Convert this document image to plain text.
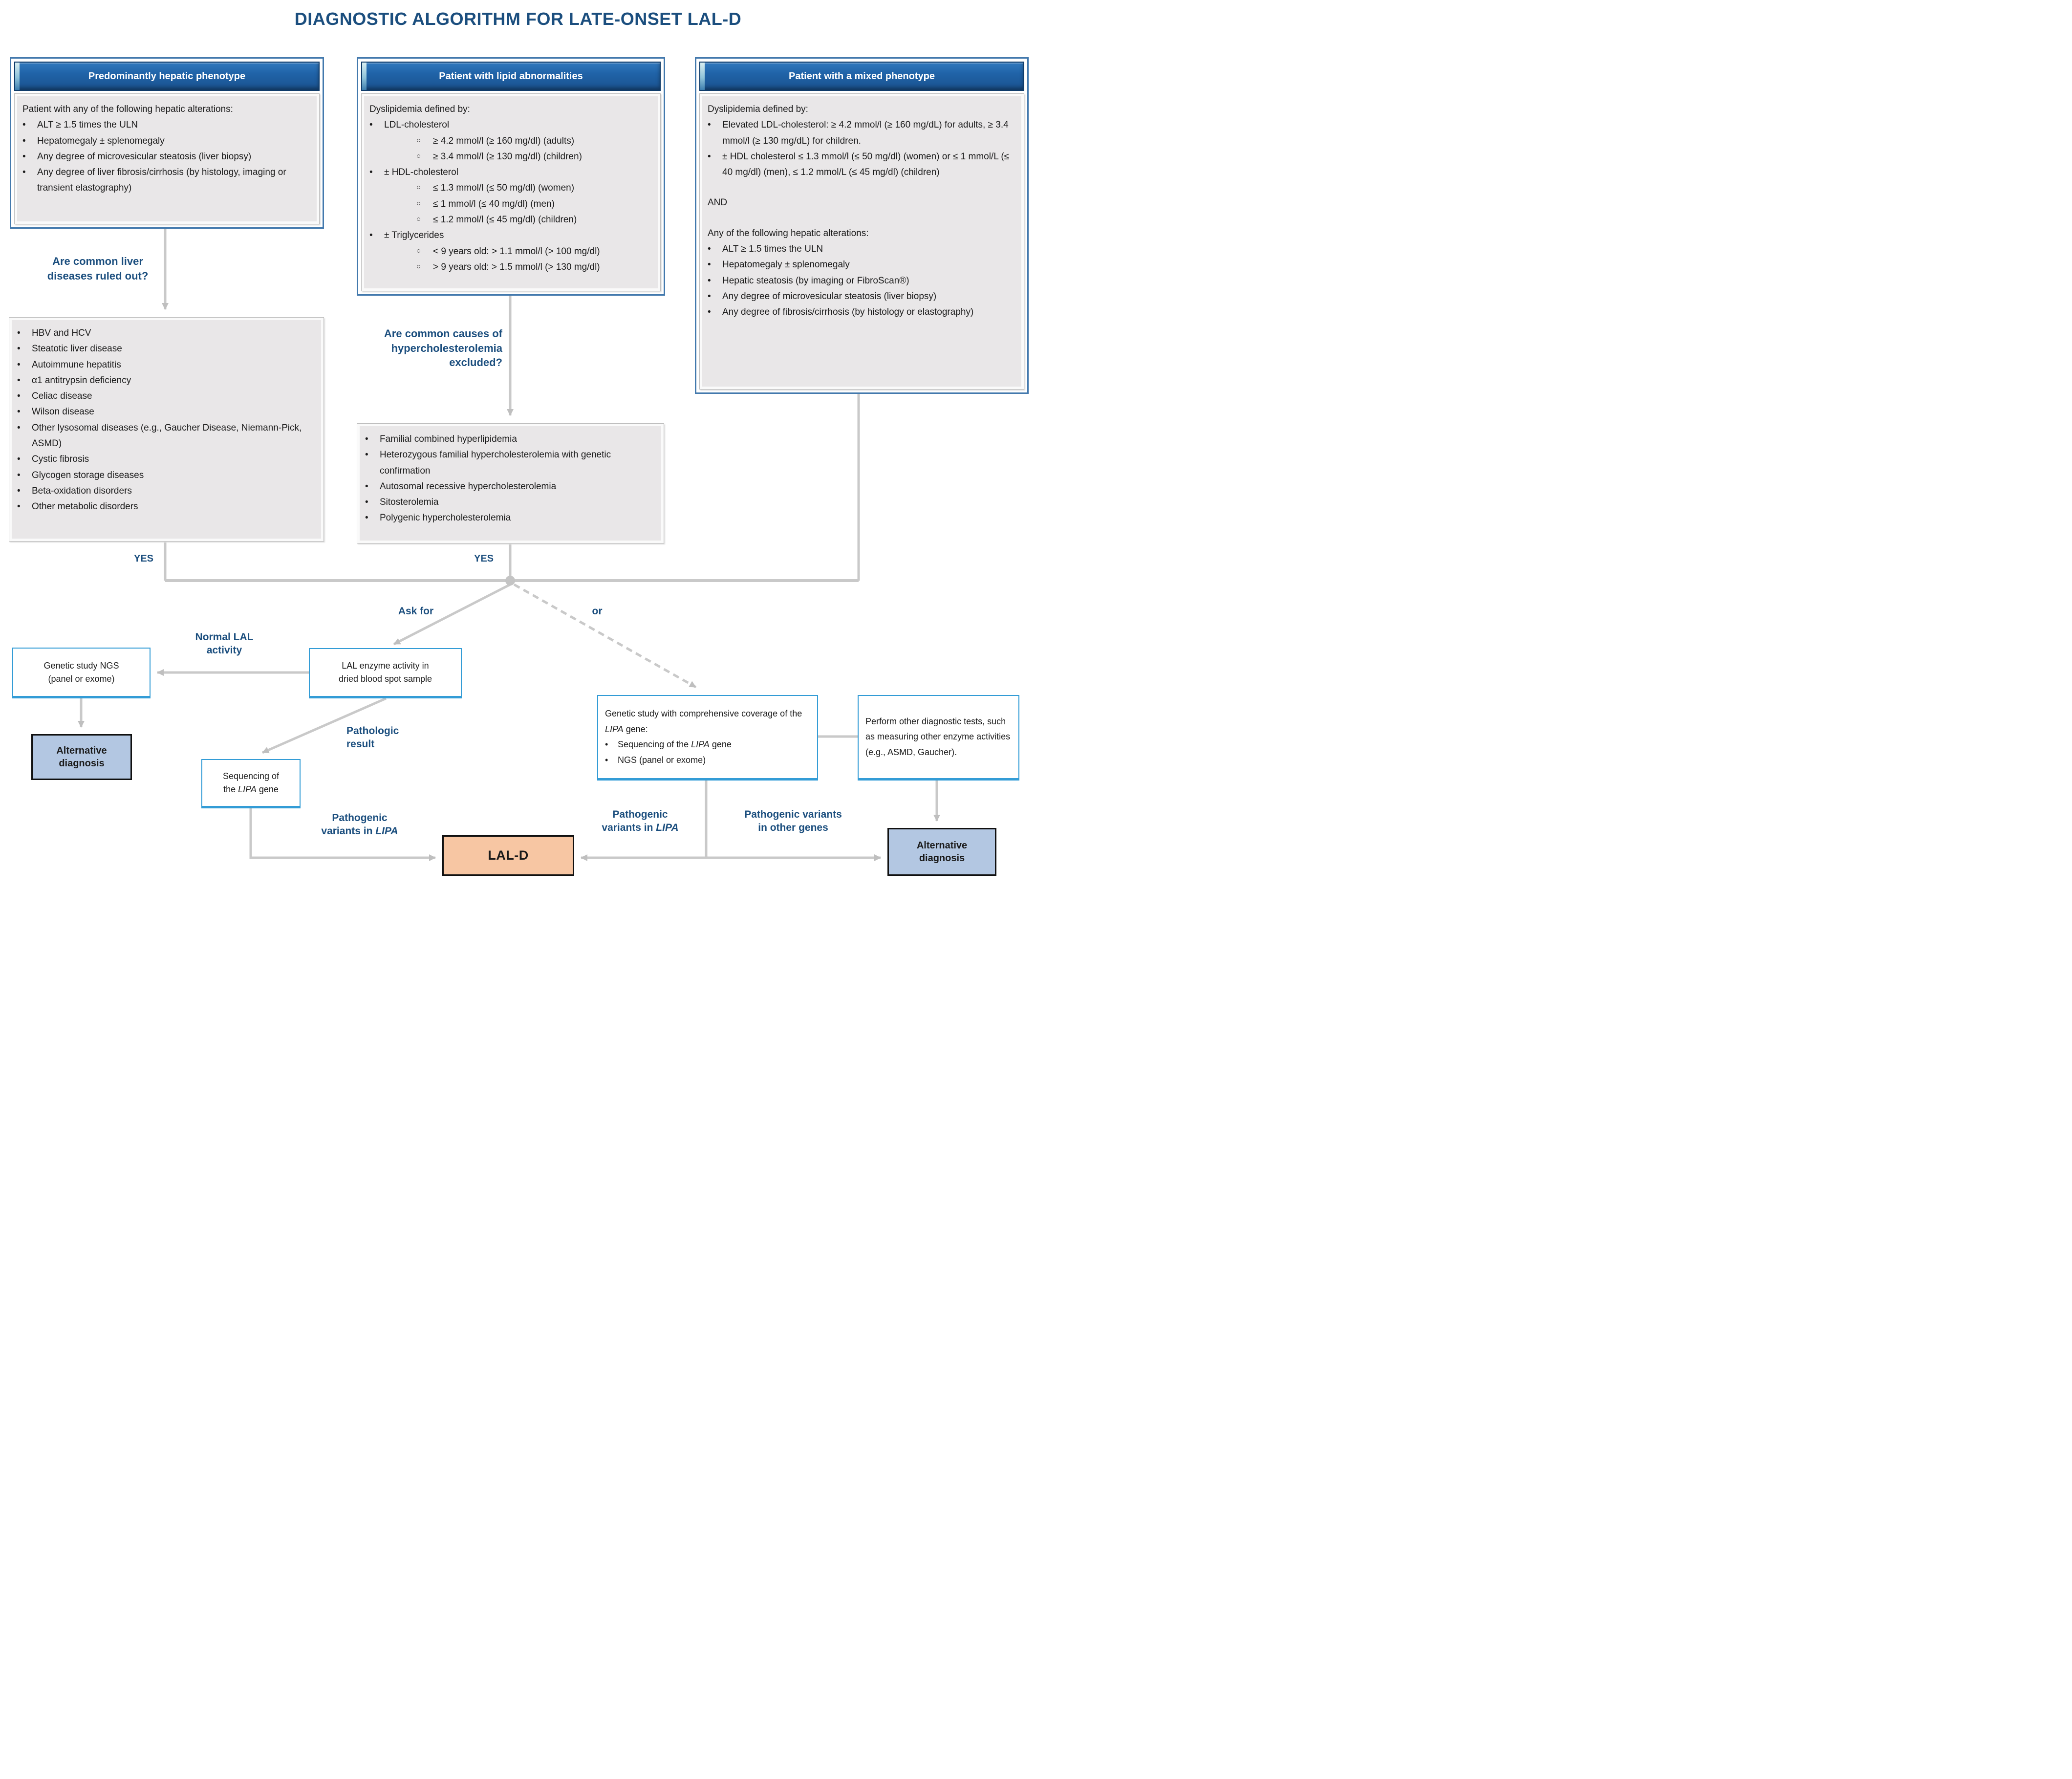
DIAGNOSTIC ALGORITHM FOR LATE-ONSET LAL-D
Predominantly hepatic phenotype
Patient with any of the following hepatic alterations:
•	ALT ≥ 1.5 times the ULN
•	Hepatomegaly ± splenomegaly
•	Any degree of microvesicular steatosis (liver biopsy)
•	Any degree of liver fibrosis/cirrhosis (by histology, imaging or transient elastography)
Patient with lipid abnormalities
Dyslipidemia defined by:
•	LDL-cholesterol
○	≥ 4.2 mmol/l (≥ 160 mg/dl) (adults)
○	≥ 3.4 mmol/l (≥ 130 mg/dl) (children)
•	± HDL-cholesterol
○	≤ 1.3 mmol/l (≤ 50 mg/dl) (women)
○	≤ 1 mmol/l (≤ 40 mg/dl) (men)
○	≤ 1.2 mmol/l (≤ 45 mg/dl) (children)
•	± Triglycerides
○	< 9 years old: > 1.1 mmol/l (> 100 mg/dl)
○	> 9 years old: > 1.5 mmol/l (> 130 mg/dl)
Patient with a mixed phenotype
Dyslipidemia defined by:
•	Elevated LDL-cholesterol: ≥ 4.2 mmol/l (≥ 160 mg/dL) for adults, ≥ 3.4 mmol/l (≥ 130 mg/dL) for children.
•	± HDL cholesterol ≤ 1.3 mmol/l (≤ 50 mg/dl) (women) or ≤ 1 mmol/L (≤ 40 mg/dl) (men), ≤ 1.2 mmol/L (≤ 45 mg/dl) (children)
AND
Any of the following hepatic alterations:
•	ALT ≥ 1.5 times the ULN
•	Hepatomegaly ± splenomegaly
•	Hepatic steatosis (by imaging or FibroScan®)
•	Any degree of microvesicular steatosis (liver biopsy)
•	Any degree of fibrosis/cirrhosis (by histology or elastography)
Are common liver diseases ruled out?
Are common causes of hypercholesterolemia excluded?
•	HBV and HCV
•	Steatotic liver disease
•	Autoimmune hepatitis
•	α1 antitrypsin deficiency
•	Celiac disease
•	Wilson disease
•	Other lysosomal diseases (e.g., Gaucher Disease, Niemann-Pick, ASMD)
•	Cystic fibrosis
•	Glycogen storage diseases
•	Beta-oxidation disorders
•	Other metabolic disorders
•	Familial combined hyperlipidemia
•	Heterozygous familial hypercholesterolemia with genetic confirmation
•	Autosomal recessive hypercholesterolemia
•	Sitosterolemia
•	Polygenic hypercholesterolemia
YES	YES
Ask for	or
Normal LAL
activity
Pathologic
result
Pathogenic
variants in LIPA
Pathogenic
variants in LIPA
Pathogenic variants
in other genes
Genetic study NGS
(panel or exome)
LAL enzyme activity in
dried blood spot sample
Sequencing of
the LIPA gene
Genetic study with comprehensive coverage of the LIPA gene:
•	Sequencing of the LIPA gene
•	NGS (panel or exome)
Perform other diagnostic tests, such as measuring other enzyme activities (e.g., ASMD, Gaucher).
Alternative
diagnosis
LAL-D
Alternative
diagnosis
